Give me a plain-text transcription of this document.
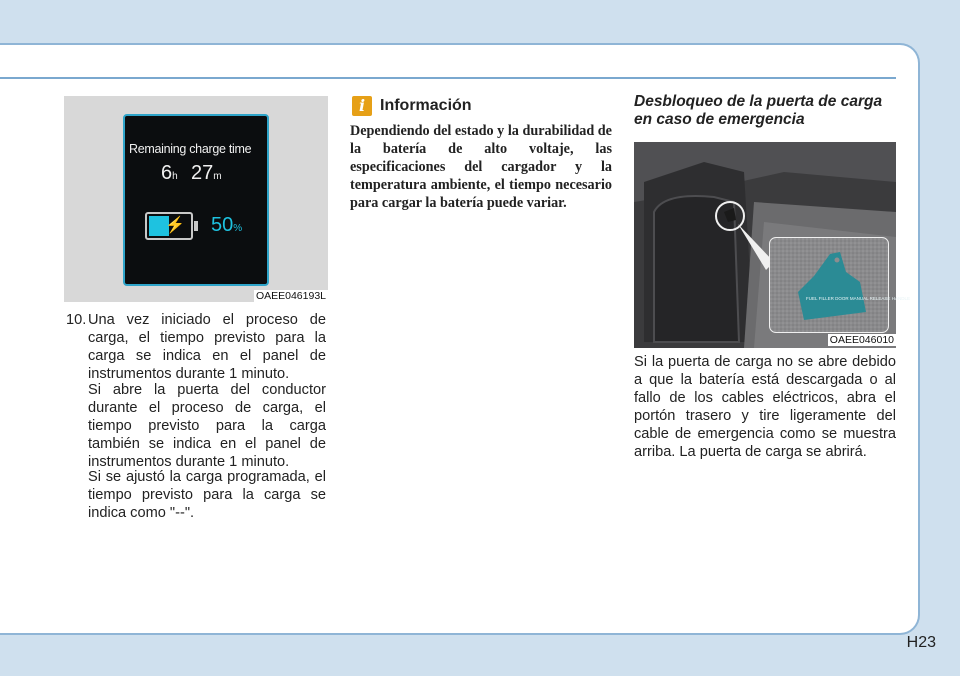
Remaining charge time
6h 27m
⚡ 50%
OAEE046193L
10. Una vez iniciado el proceso de carga, el tiempo previsto para la carga se indica en el panel de instrumentos durante 1 minuto.
Si abre la puerta del conductor durante el proceso de carga, el tiempo previsto para la carga también se indica en el panel de instrumentos durante 1 minuto.
Si se ajustó la carga programada, el tiempo previsto para la carga se indica como "--".
i Información
Dependiendo del estado y la durabilidad de la batería de alto voltaje, las especificaciones del cargador y la temperatura ambiente, el tiempo necesario para cargar la batería puede variar.
Desbloqueo de la puerta de carga en caso de emergencia
FUEL FILLER DOOR MANUAL RELEASE HANDLE
OAEE046010
Si la puerta de carga no se abre debido a que la batería está descargada o al fallo de los cables eléctricos, abra el portón trasero y tire ligeramente del cable de emergencia como se muestra arriba. La puerta de carga se abrirá.
H23
